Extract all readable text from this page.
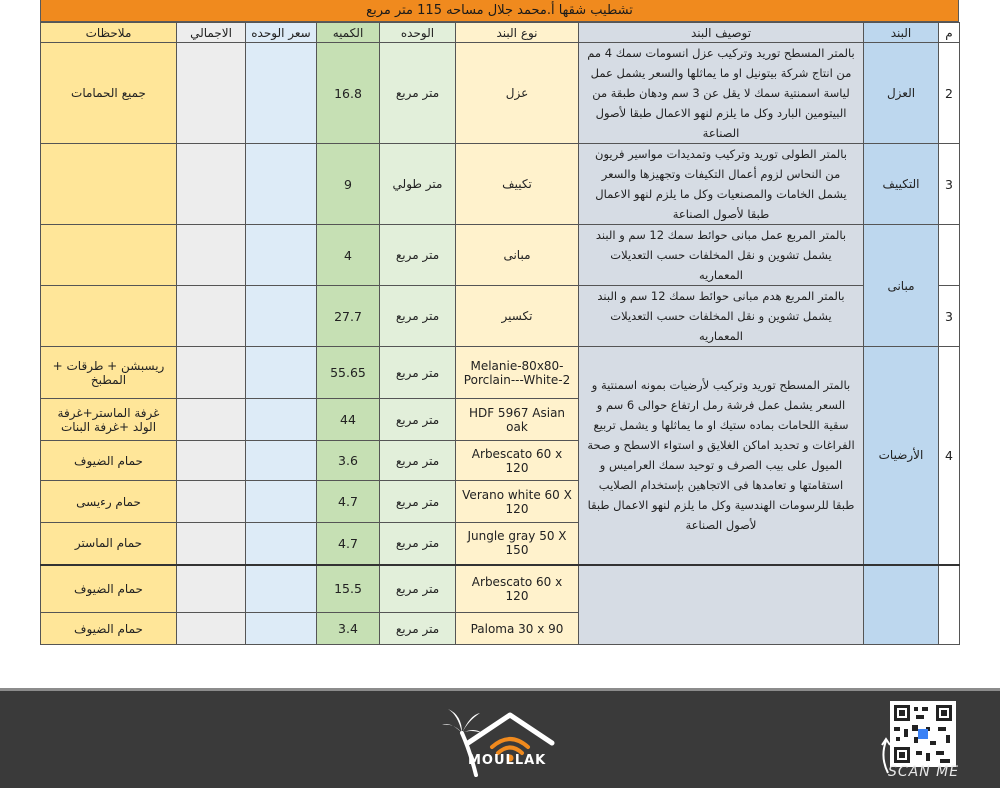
تشطيب شقها أ.محمد جلال مساحه 115 متر مربع
م	البند	توصيف البند	نوع البند	الوحده	الكميه	سعر الوحده	الاجمالي	ملاحظات
2	العزل	بالمتر المسطح توريد وتركيب عزل انسومات سمك 4 مم من انتاج شركة بيتونيل او ما يماثلها والسعر يشمل عمل لياسة اسمنتية سمك لا يقل عن 3 سم ودهان طبقة من البيتومين البارد وكل ما يلزم لنهو الاعمال طبقا لأصول الصناعة	عزل	متر مربع	16.8			جميع الحمامات
3	التكييف	بالمتر الطولى توريد وتركيب وتمديدات مواسير فريون من النحاس لزوم أعمال التكيفات وتجهيزها والسعر يشمل الخامات والمصنعيات وكل ما يلزم لنهو الاعمال طبقا لأصول الصناعة	تكييف	متر طولي	9			
	مبانى	بالمتر المربع عمل مبانى حوائط سمك 12 سم و البند يشمل تشوين و نقل المخلفات حسب التعديلات المعماريه	مبانى	متر مربع	4			
3		بالمتر المربع هدم مبانى حوائط سمك 12 سم و البند يشمل تشوين و نقل المخلفات حسب التعديلات المعماريه	تكسير	متر مربع	27.7			
4	الأرضيات	بالمتر المسطح توريد وتركيب لأرضيات بمونه اسمنتية و السعر يشمل عمل فرشة رمل ارتفاع حوالى 6 سم و سقية اللحامات بماده ستيك او ما يماثلها و يشمل تربيع الفراغات و تحديد اماكن الغلايق و استواء الاسطح و صحة الميول على بيب الصرف و توحيد سمك العراميس و استقامتها و تعامدها فى الاتجاهين بإستخدام الصلايب طبقا للرسومات الهندسية وكل ما يلزم لنهو الاعمال طبقا لأصول الصناعة	Melanie-80x80-Porclain---White-2	متر مربع	55.65			ريسبشن + طرقات + المطبخ
			HDF 5967 Asian oak	متر مربع	44			غرفة الماستر+غرفة الولد +غرفة البنات
			Arbescato 60 x 120	متر مربع	3.6			حمام الضيوف
			Verano white 60 X 120	متر مربع	4.7			حمام رءيسى
			Jungle gray 50 X 150	متر مربع	4.7			حمام الماستر
			Arbescato 60 x 120	متر مربع	15.5			حمام الضيوف
			Paloma 30 x 90	متر مربع	3.4			حمام الضيوف
MOULLAK
SCAN ME
